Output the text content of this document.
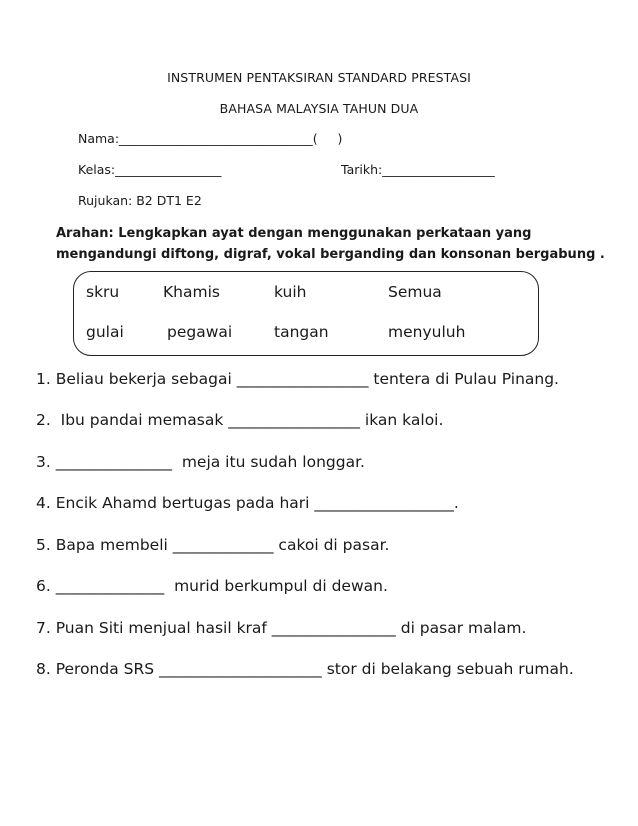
INSTRUMEN PENTAKSIRAN STANDARD PRESTASI
BAHASA MALAYSIA TAHUN DUA
Nama:_______________________________(     )
Kelas:_________________	Tarikh:__________________
Rujukan: B2 DT1 E2
Arahan: Lengkapkan ayat dengan menggunakan perkataan yang mengandungi diftong, digraf, vokal berganding dan konsonan bergabung .
skru	Khamis	kuih	Semua
gulai	pegawai	tangan	menyuluh
1. Beliau bekerja sebagai _________________ tentera di Pulau Pinang.
2.  Ibu pandai memasak _________________ ikan kaloi.
3. _______________  meja itu sudah longgar.
4. Encik Ahamd bertugas pada hari __________________.
5. Bapa membeli _____________ cakoi di pasar.
6. ______________  murid berkumpul di dewan.
7. Puan Siti menjual hasil kraf ________________ di pasar malam.
8. Peronda SRS _____________________ stor di belakang sebuah rumah.
